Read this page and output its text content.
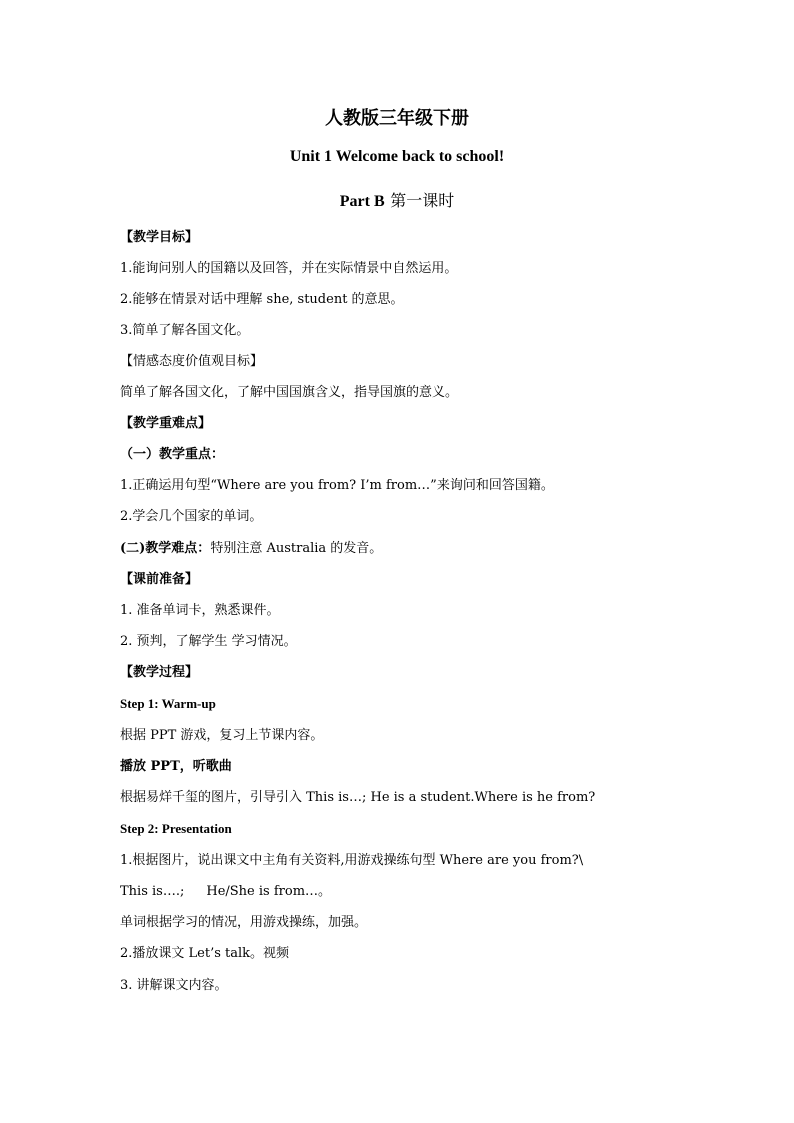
人教版三年级下册
Unit 1 Welcome back to school!
Part B 第一课时
【教学目标】
1.能询问别人的国籍以及回答，并在实际情景中自然运用。
2.能够在情景对话中理解 she, student 的意思。
3.简单了解各国文化。
【情感态度价值观目标】
简单了解各国文化，了解中国国旗含义，指导国旗的意义。
【教学重难点】
（一）教学重点：
1.正确运用句型“Where are you from? I’m from…”来询问和回答国籍。
2.学会几个国家的单词。
(二)教学难点：特别注意 Australia 的发音。
【课前准备】
1. 准备单词卡，熟悉课件。
2. 预判，了解学生 学习情况。
【教学过程】
Step 1: Warm-up
根据 PPT 游戏，复习上节课内容。
播放 PPT，听歌曲
根据易烊千玺的图片，引导引入 This is…; He is a student.Where is he from?
Step 2: Presentation
1.根据图片，说出课文中主角有关资料,用游戏操练句型 Where are you from?\
This is….; He/She is from…。
单词根据学习的情况，用游戏操练，加强。
2.播放课文 Let’s talk。视频
3. 讲解课文内容。
